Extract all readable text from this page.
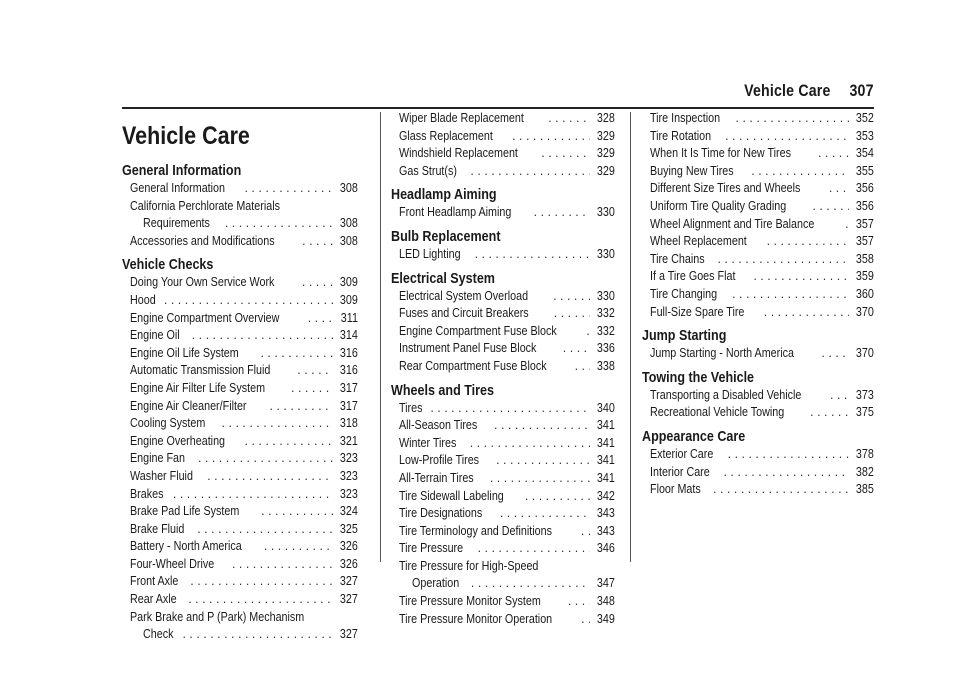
Vehicle Care 307
Vehicle Care
General Information
General Information . . .	308
California Perchlorate Materials
Requirements . . .	308
Accessories and Modifications . . .	308
Vehicle Checks
Doing Your Own Service Work . . .	309
Hood . . .	309
Engine Compartment Overview . . .	311
Engine Oil . . .	314
Engine Oil Life System . . .	316
Automatic Transmission Fluid . . .	316
Engine Air Filter Life System . . .	317
Engine Air Cleaner/Filter . . .	317
Cooling System . . .	318
Engine Overheating . . .	321
Engine Fan . . .	323
Washer Fluid . . .	323
Brakes . . .	323
Brake Pad Life System . . .	324
Brake Fluid . . .	325
Battery - North America . . .	326
Four-Wheel Drive . . .	326
Front Axle . . .	327
Rear Axle . . .	327
Park Brake and P (Park) Mechanism
Check . . .	327
Wiper Blade Replacement . . .	328
Glass Replacement . . .	329
Windshield Replacement . . .	329
Gas Strut(s) . . .	329
Headlamp Aiming
Front Headlamp Aiming . . .	330
Bulb Replacement
LED Lighting . . .	330
Electrical System
Electrical System Overload . . .	330
Fuses and Circuit Breakers . . .	332
Engine Compartment Fuse Block . . .	332
Instrument Panel Fuse Block . . .	336
Rear Compartment Fuse Block . . .	338
Wheels and Tires
Tires . . .	340
All-Season Tires . . .	341
Winter Tires . . .	341
Low-Profile Tires . . .	341
All-Terrain Tires . . .	341
Tire Sidewall Labeling . . .	342
Tire Designations . . .	343
Tire Terminology and Definitions . . .	343
Tire Pressure . . .	346
Tire Pressure for High-Speed
Operation . . .	347
Tire Pressure Monitor System . . .	348
Tire Pressure Monitor Operation . . .	349
Tire Inspection . . .	352
Tire Rotation . . .	353
When It Is Time for New Tires . . .	354
Buying New Tires . . .	355
Different Size Tires and Wheels . . .	356
Uniform Tire Quality Grading . . .	356
Wheel Alignment and Tire Balance . . .	357
Wheel Replacement . . .	357
Tire Chains . . .	358
If a Tire Goes Flat . . .	359
Tire Changing . . .	360
Full-Size Spare Tire . . .	370
Jump Starting
Jump Starting - North America . . .	370
Towing the Vehicle
Transporting a Disabled Vehicle . . .	373
Recreational Vehicle Towing . . .	375
Appearance Care
Exterior Care . . .	378
Interior Care . . .	382
Floor Mats . . .	385
